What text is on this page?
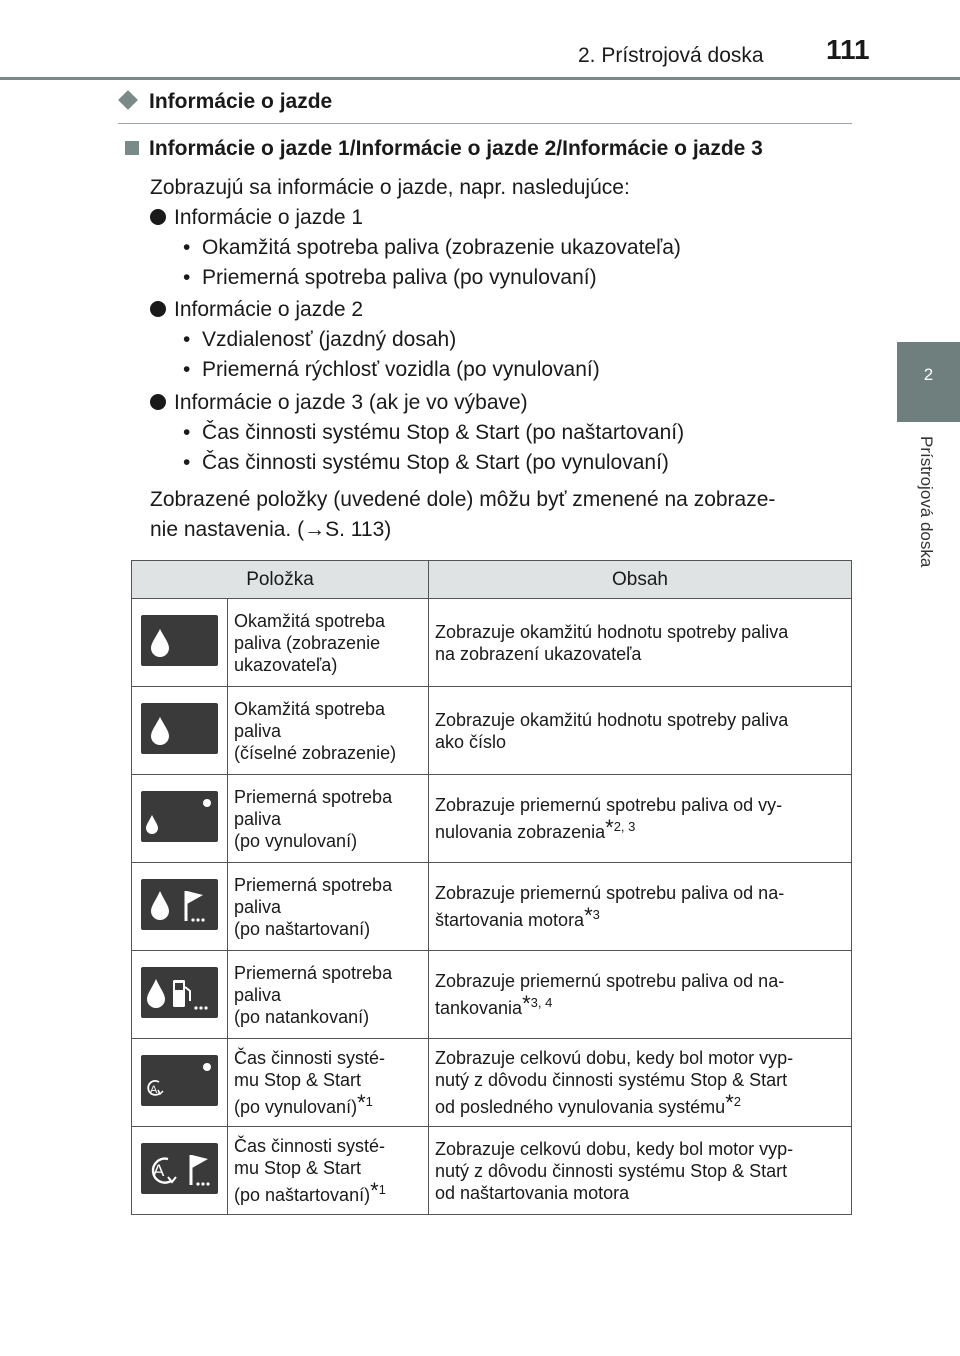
2. Prístrojová doska 111
2
Prístrojová doska
Informácie o jazde
Informácie o jazde 1/Informácie o jazde 2/Informácie o jazde 3
Zobrazujú sa informácie o jazde, napr. nasledujúce:
Informácie o jazde 1
•  Okamžitá spotreba paliva (zobrazenie ukazovateľa)
•  Priemerná spotreba paliva (po vynulovaní)
Informácie o jazde 2
•  Vzdialenosť (jazdný dosah)
•  Priemerná rýchlosť vozidla (po vynulovaní)
Informácie o jazde 3 (ak je vo výbave)
•  Čas činnosti systému Stop & Start (po naštartovaní)
•  Čas činnosti systému Stop & Start (po vynulovaní)
Zobrazené položky (uvedené dole) môžu byť zmenené na zobraze-
nie nastavenia. (→S. 113)
Položka		Obsah
	Okamžitá spotreba
paliva (zobrazenie
ukazovateľa)	Zobrazuje okamžitú hodnotu spotreby paliva
na zobrazení ukazovateľa
	Okamžitá spotreba
paliva
(číselné zobrazenie)	Zobrazuje okamžitú hodnotu spotreby paliva
ako číslo
	Priemerná spotreba
paliva
(po vynulovaní)	Zobrazuje priemernú spotrebu paliva od vy-
nulovania zobrazenia*$^{2, 3}$
	Priemerná spotreba
paliva
(po naštartovaní)	Zobrazuje priemernú spotrebu paliva od na-
štartovania motora*$^3$
	Priemerná spotreba
paliva
(po natankovaní)	Zobrazuje priemernú spotrebu paliva od na-
tankovania*$^{3, 4}$

A	Čas činnosti systé-
mu Stop & Start
(po vynulovaní)*$^1$	Zobrazuje celkovú dobu, kedy bol motor vyp-
nutý z dôvodu činnosti systému Stop & Start
od posledného vynulovania systému*$^2$

A	Čas činnosti systé-
mu Stop & Start
(po naštartovaní)*$^1$	Zobrazuje celkovú dobu, kedy bol motor vyp-
nutý z dôvodu činnosti systému Stop & Start
od naštartovania motora
